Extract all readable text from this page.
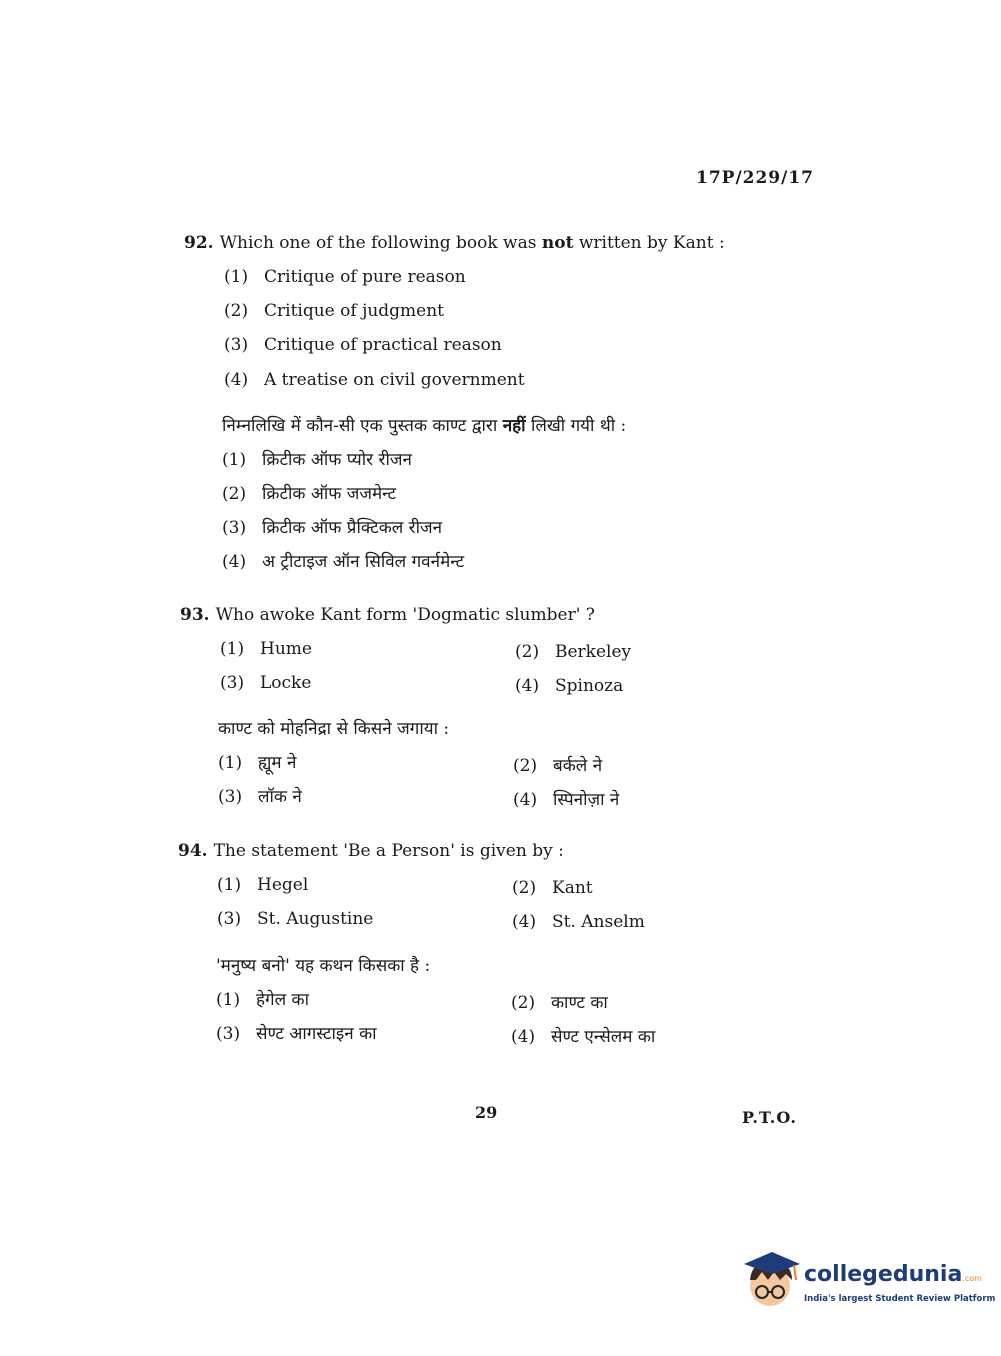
17P/229/17
92. Which one of the following book was not written by Kant :
(1) Critique of pure reason
(2) Critique of judgment
(3) Critique of practical reason
(4) A treatise on civil government
निम्नलिखि में कौन-सी एक पुस्तक काण्ट द्वारा नहीं लिखी गयी थी :
(1) क्रिटीक ऑफ प्योर रीजन
(2) क्रिटीक ऑफ जजमेन्ट
(3) क्रिटीक ऑफ प्रैक्टिकल रीजन
(4) अ ट्रीटाइज ऑन सिविल गवर्नमेन्ट
93. Who awoke Kant form 'Dogmatic slumber' ?
(1) Hume	(2) Berkeley
(3) Locke	(4) Spinoza
काण्ट को मोहनिद्रा से किसने जगाया :
(1) ह्यूम ने	(2) बर्कले ने
(3) लॉक ने	(4) स्पिनोज़ा ने
94. The statement 'Be a Person' is given by :
(1) Hegel	(2) Kant
(3) St. Augustine	(4) St. Anselm
'मनुष्य बनो' यह कथन किसका है :
(1) हेगेल का	(2) काण्ट का
(3) सेण्ट आगस्टाइन का	(4) सेण्ट एन्सेलम का
29	P.T.O.
collegedunia.com
India's largest Student Review Platform
